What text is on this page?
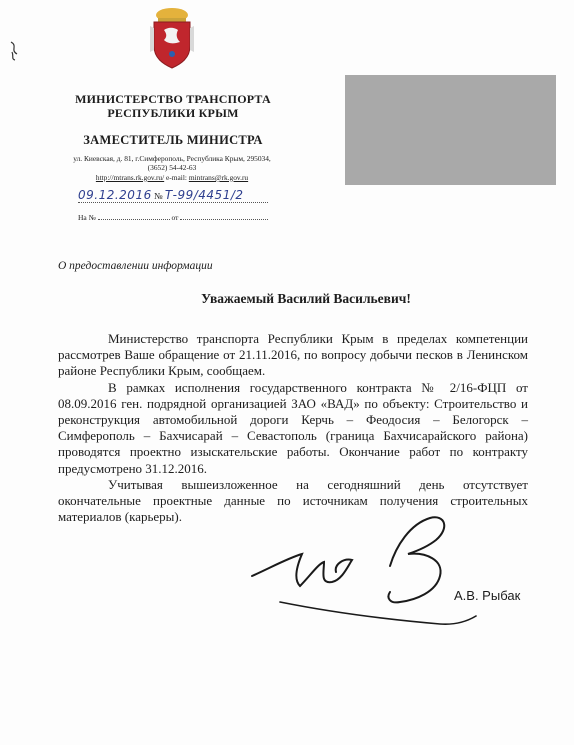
МИНИСТЕРСТВО ТРАНСПОРТА
РЕСПУБЛИКИ КРЫМ
ЗАМЕСТИТЕЛЬ МИНИСТРА
ул. Киевская, д. 81, г.Симферополь, Республика Крым, 295034,
(3652) 54-42-63
http://mtrans.rk.gov.ru/ e-mail: mintrans@rk.gov.ru
09.12.2016 № Т-99/4451/2
На №	от
О предоставлении информации
Уважаемый Василий Васильевич!

Министерство транспорта Республики Крым в пределах компетенции рассмотрев Ваше обращение от 21.11.2016, по вопросу добычи песков в Ленинском районе Республики Крым, сообщаем.

В рамках исполнения государственного контракта № 2/16-ФЦП от 08.09.2016 ген. подрядной организацией ЗАО «ВАД» по объекту: Строительство и реконструкция автомобильной дороги Керчь – Феодосия – Белогорск – Симферополь – Бахчисарай – Севастополь (граница Бахчисарайского района) проводятся проектно изыскательские работы. Окончание работ по контракту предусмотрено 31.12.2016.

Учитывая вышеизложенное на сегодняшний день отсутствует окончательные проектные данные по источникам получения строительных материалов (карьеры).

А.В. Рыбак
